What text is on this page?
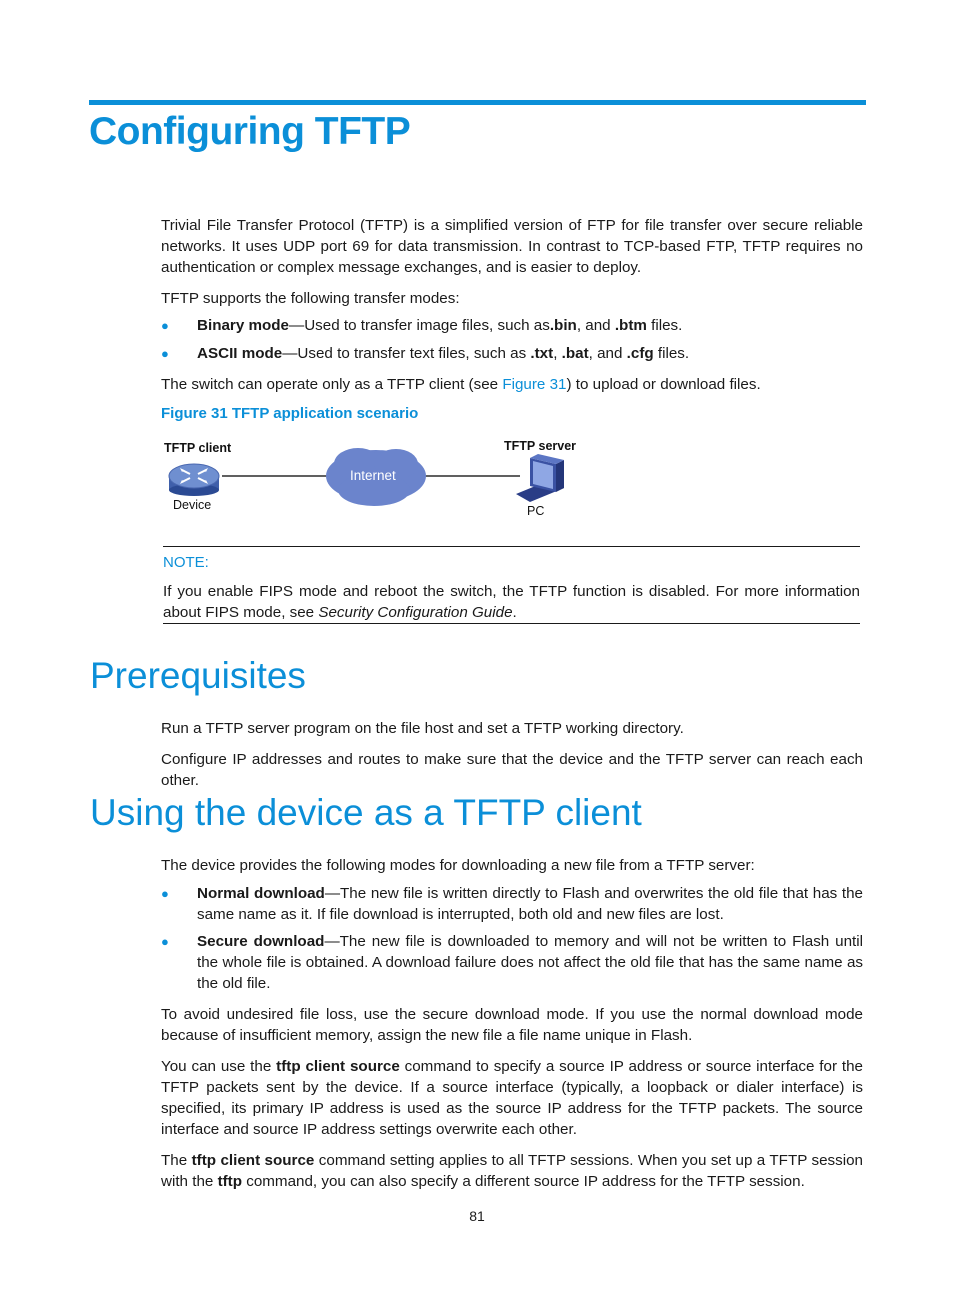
Configuring TFTP
Trivial File Transfer Protocol (TFTP) is a simplified version of FTP for file transfer over secure reliable networks. It uses UDP port 69 for data transmission. In contrast to TCP-based FTP, TFTP requires no authentication or complex message exchanges, and is easier to deploy.
TFTP supports the following transfer modes:
● Binary mode—Used to transfer image files, such as.bin, and .btm files.
● ASCII mode—Used to transfer text files, such as .txt, .bat, and .cfg files.
The switch can operate only as a TFTP client (see Figure 31) to upload or download files.
Figure 31 TFTP application scenario
TFTP client
Device
Internet
TFTP server
PC
NOTE:
If you enable FIPS mode and reboot the switch, the TFTP function is disabled. For more information about FIPS mode, see Security Configuration Guide.
Prerequisites
Run a TFTP server program on the file host and set a TFTP working directory.
Configure IP addresses and routes to make sure that the device and the TFTP server can reach each other.
Using the device as a TFTP client
The device provides the following modes for downloading a new file from a TFTP server:
● Normal download—The new file is written directly to Flash and overwrites the old file that has the same name as it. If file download is interrupted, both old and new files are lost.
● Secure download—The new file is downloaded to memory and will not be written to Flash until the whole file is obtained. A download failure does not affect the old file that has the same name as the old file.
To avoid undesired file loss, use the secure download mode. If you use the normal download mode because of insufficient memory, assign the new file a file name unique in Flash.
You can use the tftp client source command to specify a source IP address or source interface for the TFTP packets sent by the device. If a source interface (typically, a loopback or dialer interface) is specified, its primary IP address is used as the source IP address for the TFTP packets. The source interface and source IP address settings overwrite each other.
The tftp client source command setting applies to all TFTP sessions. When you set up a TFTP session with the tftp command, you can also specify a different source IP address for the TFTP session.
81
